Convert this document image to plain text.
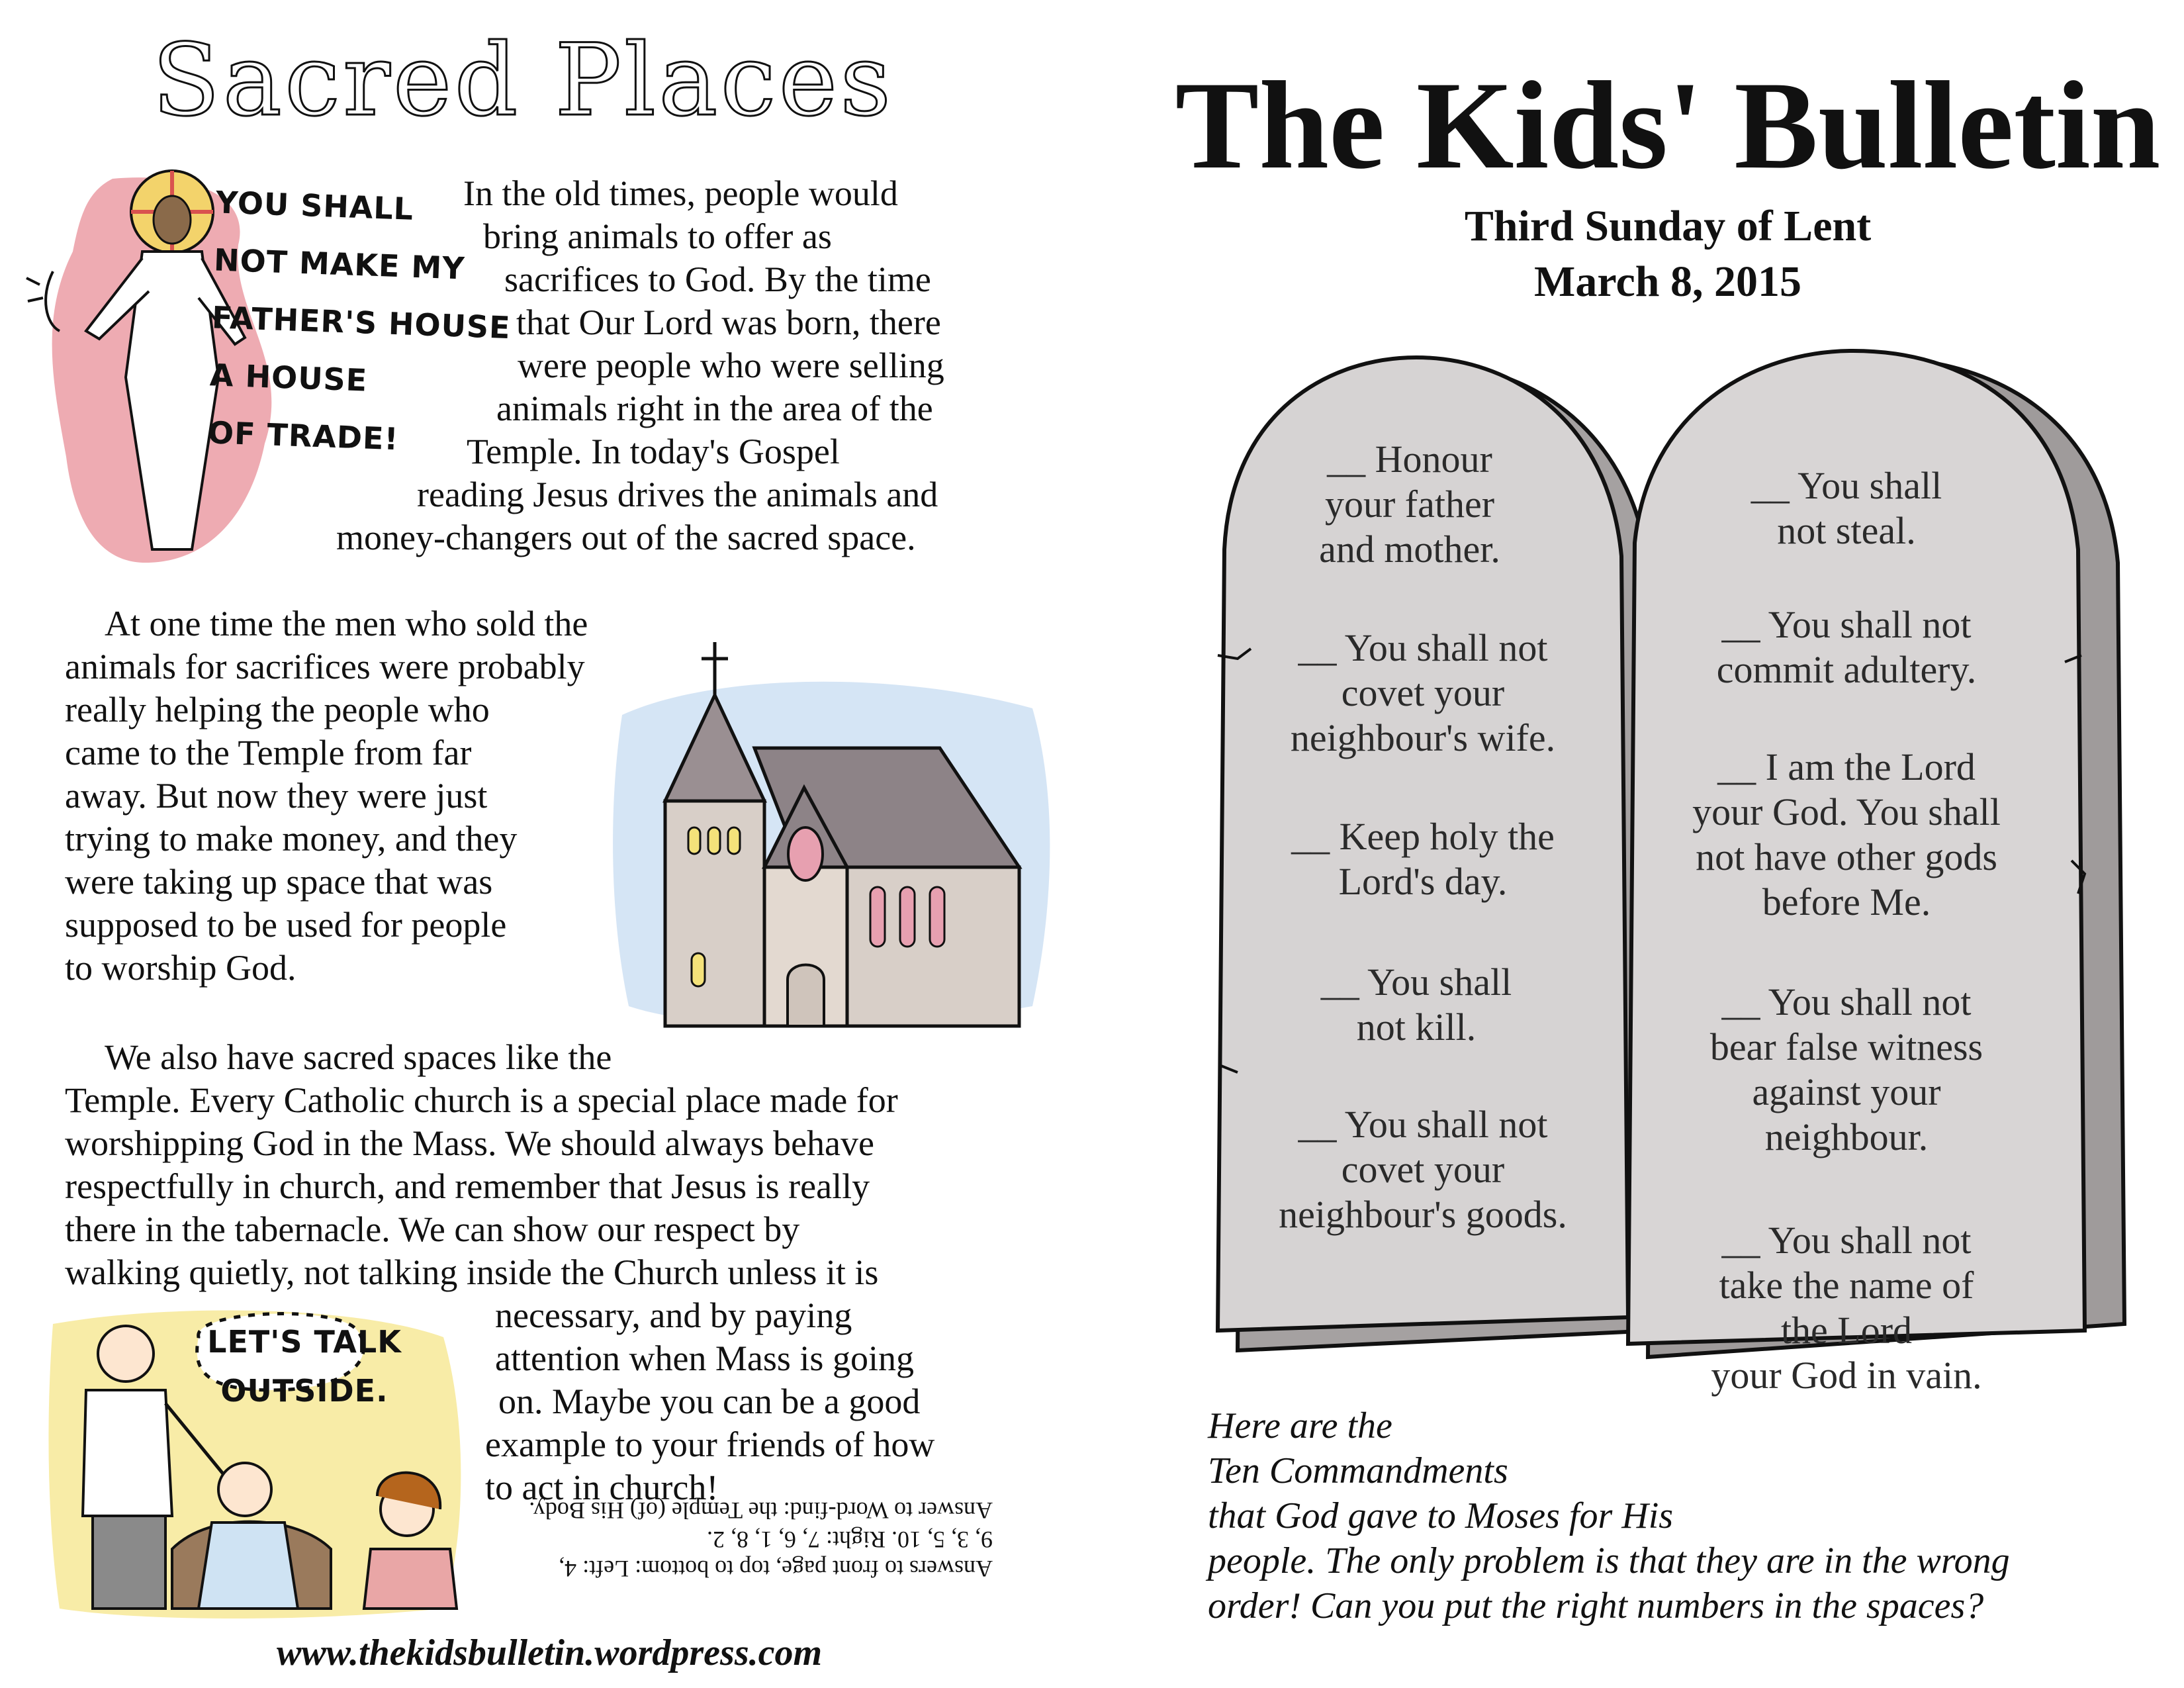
Sacred Places
YOU SHALL
NOT MAKE MY
FATHER'S HOUSE
A HOUSE
OF TRADE!
In the old times, people would
bring animals to offer as
sacrifices to God. By the time
that Our Lord was born, there
were people who were selling
animals right in the area of the
Temple. In today's Gospel
reading Jesus drives the animals and
money-changers out of the sacred space.
At one time the men who sold the
animals for sacrifices were probably
really helping the people who
came to the Temple from far
away. But now they were just
trying to make money, and they
were taking up space that was
supposed to be used for people
to worship God.
We also have sacred spaces like the
Temple. Every Catholic church is a special place made for
worshipping God in the Mass. We should always behave
respectfully in church, and remember that Jesus is really
there in the tabernacle. We can show our respect by
walking quietly, not talking inside the Church unless it is
necessary, and by paying
attention when Mass is going
on. Maybe you can be a good
example to your friends of how
to act in church!
LET'S TALK
OUTSIDE.
Answers to front page, top to bottom: Left: 4,
9, 3, 5, 10. Right: 7, 6, 1, 8, 2.
Answer to Word-find: the Temple (of) His Body.
www.thekidsbulletin.wordpress.com
The Kids' Bulletin
Third Sunday of Lent
March 8, 2015
__ Honour
your father
and mother.
__ You shall not
covet your
neighbour's wife.
__ Keep holy the
Lord's day.
__ You shall
not kill.
__ You shall not
covet your
neighbour's goods.
__ You shall
not steal.
__ You shall not
commit adultery.
__ I am the Lord
your God. You shall
not have other gods
before Me.
__ You shall not
bear false witness
against your
neighbour.
__ You shall not
take the name of
the Lord
your God in vain.
Here are the
Ten Commandments
that God gave to Moses for His
people. The only problem is that they are in the wrong
order! Can you put the right numbers in the spaces?
